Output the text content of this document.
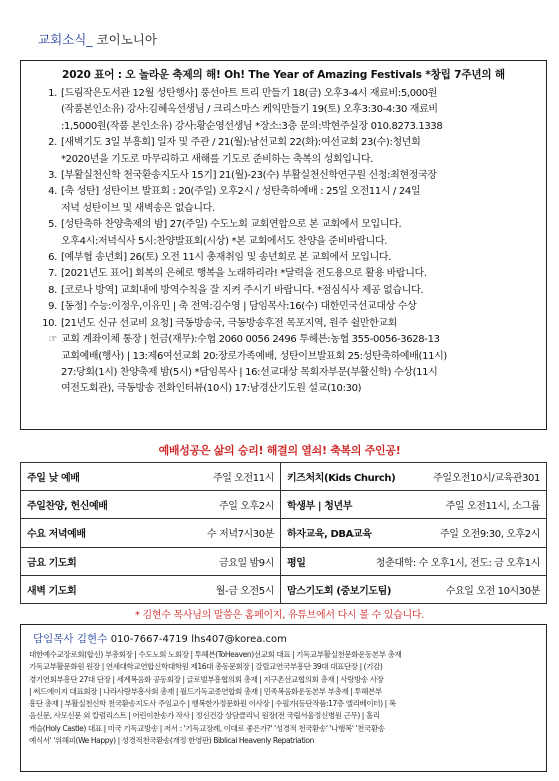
교회소식_ 코이노니아
2020 표어 : 오 놀라운 축제의 해! Oh! The Year of Amazing Festivals *창립 7주년의 해
1. [드림작은도서관 12월 성탄행사] 풍선아트 트리 만들기 18(금) 오후3-4시 재료비:5,000원
(작품본인소유) 강사:김혜옥선생님 / 크리스마스 케익만들기 19(토) 오후3:30-4:30 재료비
:1,5000원(작품 본인소유) 강사:황순영선생님 *장소:3층 문의:박현주실장 010.8273.1338
2. [새벽기도 3일 부흥회] 일자 및 주관 / 21(월):남선교회 22(화):여선교회 23(수):청년회
*2020년을 기도로 마무리하고 새해를 기도로 준비하는 축복의 성회입니다.
3. [부활실천신학 천국환송지도사 15기] 21(월)-23(수) 부활실천신학연구원 신청:최현정국장
4. [축 성탄] 성탄이브 발표회 : 20(주일) 오후2시 / 성탄축하예배 : 25일 오전11시 / 24일
저녁 성탄이브 및 새벽송은 없습니다.
5. [성탄축하 찬양축제의 밤] 27(주일) 수도노회 교회연합으로 본 교회에서 모입니다.
오후4시:저녁식사 5시:찬양발표회(시상) *본 교회에서도 찬양을 준비바랍니다.
6. [예부협 송년회] 26(토) 오전 11시 총재취임 및 송년회로 본 교회에서 모입니다.
7. [2021년도 표어] 회복의 은혜로 행복을 노래하리라! *달력을 전도용으로 활용 바랍니다.
8. [코로나 방역] 교회내에 방역수칙을 잘 지켜 주시기 바랍니다. *점심식사 제공 없습니다.
9. [동정] 수능:이정우,이유민 | 축 전역:김수영 | 담임목사:16(수) 대한민국선교대상 수상
10. [21년도 신규 선교비 요청] 극동방송국, 극동방송후전 목포지역, 원주 쉴만한교회
☞ 교회 계좌이체 통장 | 헌금(재무):수협 2060 0056 2496 투헤븐:농협 355-0056-3628-13
교회예배(행사) | 13:제6여선교회 20:장로가족예배, 성탄이브발표회 25:성탄축하예배(11시)
27:당회(1시) 찬양축제 밤(5시) *담임목사 | 16:선교대상 목회자부문(부활신학) 수상(11시
여전도회관), 극동방송 전화인터뷰(10시) 17:남경산기도원 설교(10:30)
예배성공은 삶의 승리! 해결의 열쇠! 축복의 주인공!
주일 낮 예배 주일 오전11시	키즈처치(Kids Church) 주일오전10시/교육관301

주일찬양, 헌신예배 주일 오후2시	학생부 | 청년부 주일 오전11시, 소그룹

수요 저녁예배 수 저녁7시30분	하자교육, DBA교육 주일 오전9:30, 오후2시

금요 기도회 금요일 밤9시	평일 청춘대학: 수 오후1시, 전도: 금 오후1시

새벽 기도회 월-금 오전5시	맘스기도회 (중보기도팀) 수요일 오전 10시30분
* 김현수 목사님의 말씀은 홈페이지, 유튜브에서 다시 볼 수 있습니다.
담임목사 김현수 010-7667-4719 lhs407@korea.com

대한예수교장로회(합신) 부총회장 | 수도노회 노회장 | 투헤븐(ToHeaven)선교회 대표 | 기독교부활실천문화운동본부 총재
기독교부활문화원 원장 | 연세대학교연합신학대학원 제16대 총동문회장 | 갈릴교연국부흥단 39대 대표단장 | (기감)
경기연회부흥단 27대 단장 | 세계복음화 공동회장 | 글로벌부흥협의회 총재 | 지구촌선교협의회 총재 | 사랑방송 사장
| 써드에이지 대표회장 | 나라사랑부흥사회 총재 | 월드기독교종연합회 총재 | 민족복음화운동본부 부총재 | 투헤븐부
흥단 총재 | 부활실천신학 천국환송지도사 주임교수 | 행복한가정문화원 이사장 | 수필가(등단작품:17층 엘리베이터) | 복
음신문, 사모신문 외 칼럼리스트 | 어린이찬송가 작사 | 정신건강 상담클리닉 원장(전 국립서울정신병원 근무) | 홀리
캐슬(Holy Castle) 대표 | 미국 기독교방송 | 저서 : '기독교장례, 이대로 좋은가?' '성경적 천국환송' '나행복' '천국환송
예식서' '위해피(We Happy) | 성경적천국환송(개정 한영판) Biblical Heavenly Repatriation
